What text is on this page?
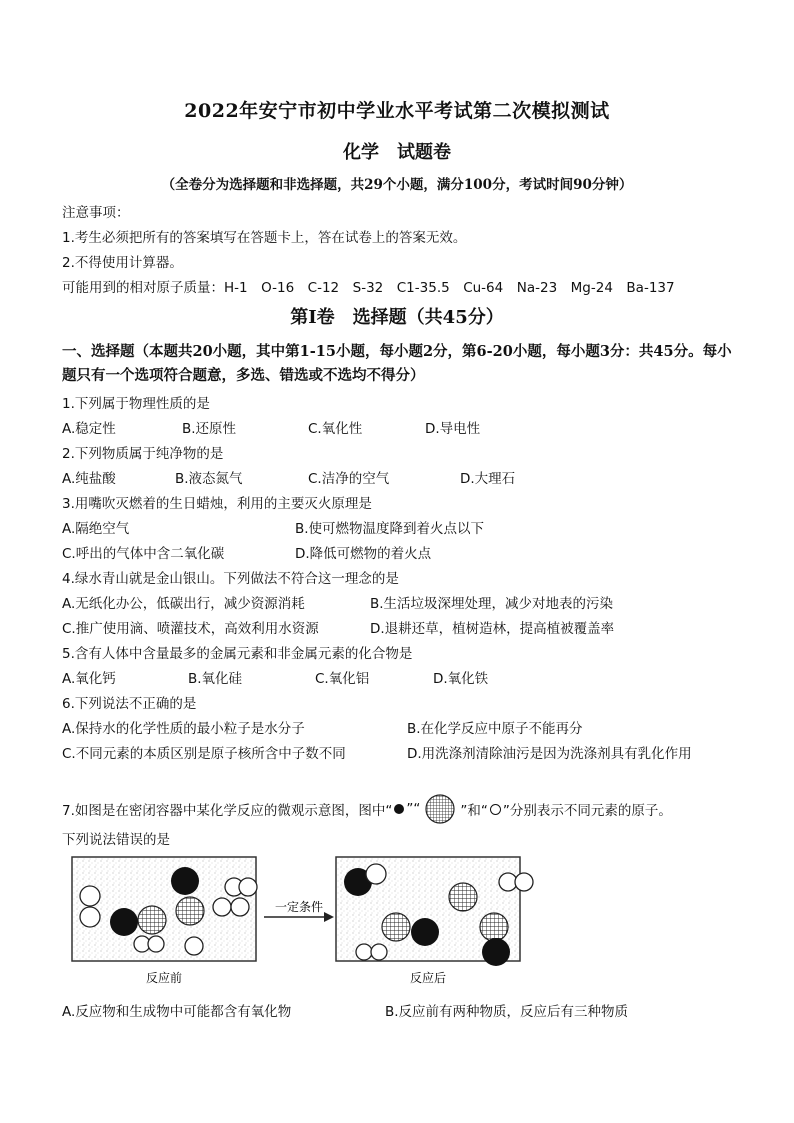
2022年安宁市初中学业水平考试第二次模拟测试
化学　试题卷
（全卷分为选择题和非选择题，共29个小题，满分100分，考试时间90分钟）
注意事项：
1.考生必须把所有的答案填写在答题卡上，答在试卷上的答案无效。
2.不得使用计算器。
可能用到的相对原子质量：H-1　O-16　C-12　S-32　C1-35.5　Cu-64　Na-23　Mg-24　Ba-137
第Ⅰ卷　选择题（共45分）
一、选择题（本题共20小题，其中第1-15小题，每小题2分，第6-20小题，每小题3分：共45分。每小题只有一个选项符合题意，多选、错选或不选均不得分）
1.下列属于物理性质的是
A.稳定性	B.还原性	C.氧化性	D.导电性
2.下列物质属于纯净物的是
A.纯盐酸	B.液态氮气	C.洁净的空气	D.大理石
3.用嘴吹灭燃着的生日蜡烛，利用的主要灭火原理是
A.隔绝空气	B.使可燃物温度降到着火点以下
C.呼出的气体中含二氧化碳	D.降低可燃物的着火点
4.绿水青山就是金山银山。下列做法不符合这一理念的是
A.无纸化办公，低碳出行，减少资源消耗	B.生活垃圾深埋处理，减少对地表的污染
C.推广使用滴、喷灌技术，高效利用水资源	D.退耕还草，植树造林，提高植被覆盖率
5.含有人体中含量最多的金属元素和非金属元素的化合物是
A.氧化钙	B.氧化硅	C.氧化铝	D.氧化铁
6.下列说法不正确的是
A.保持水的化学性质的最小粒子是水分子	B.在化学反应中原子不能再分
C.不同元素的本质区别是原子核所含中子数不同	D.用洗涤剂清除油污是因为洗涤剂具有乳化作用
7.如图是在密闭容器中某化学反应的微观示意图，图中“ ”“	”和“ ”分别表示不同元素的原子。
下列说法错误的是
一定条件
反应前	反应后
A.反应物和生成物中可能都含有氧化物	B.反应前有两种物质，反应后有三种物质
